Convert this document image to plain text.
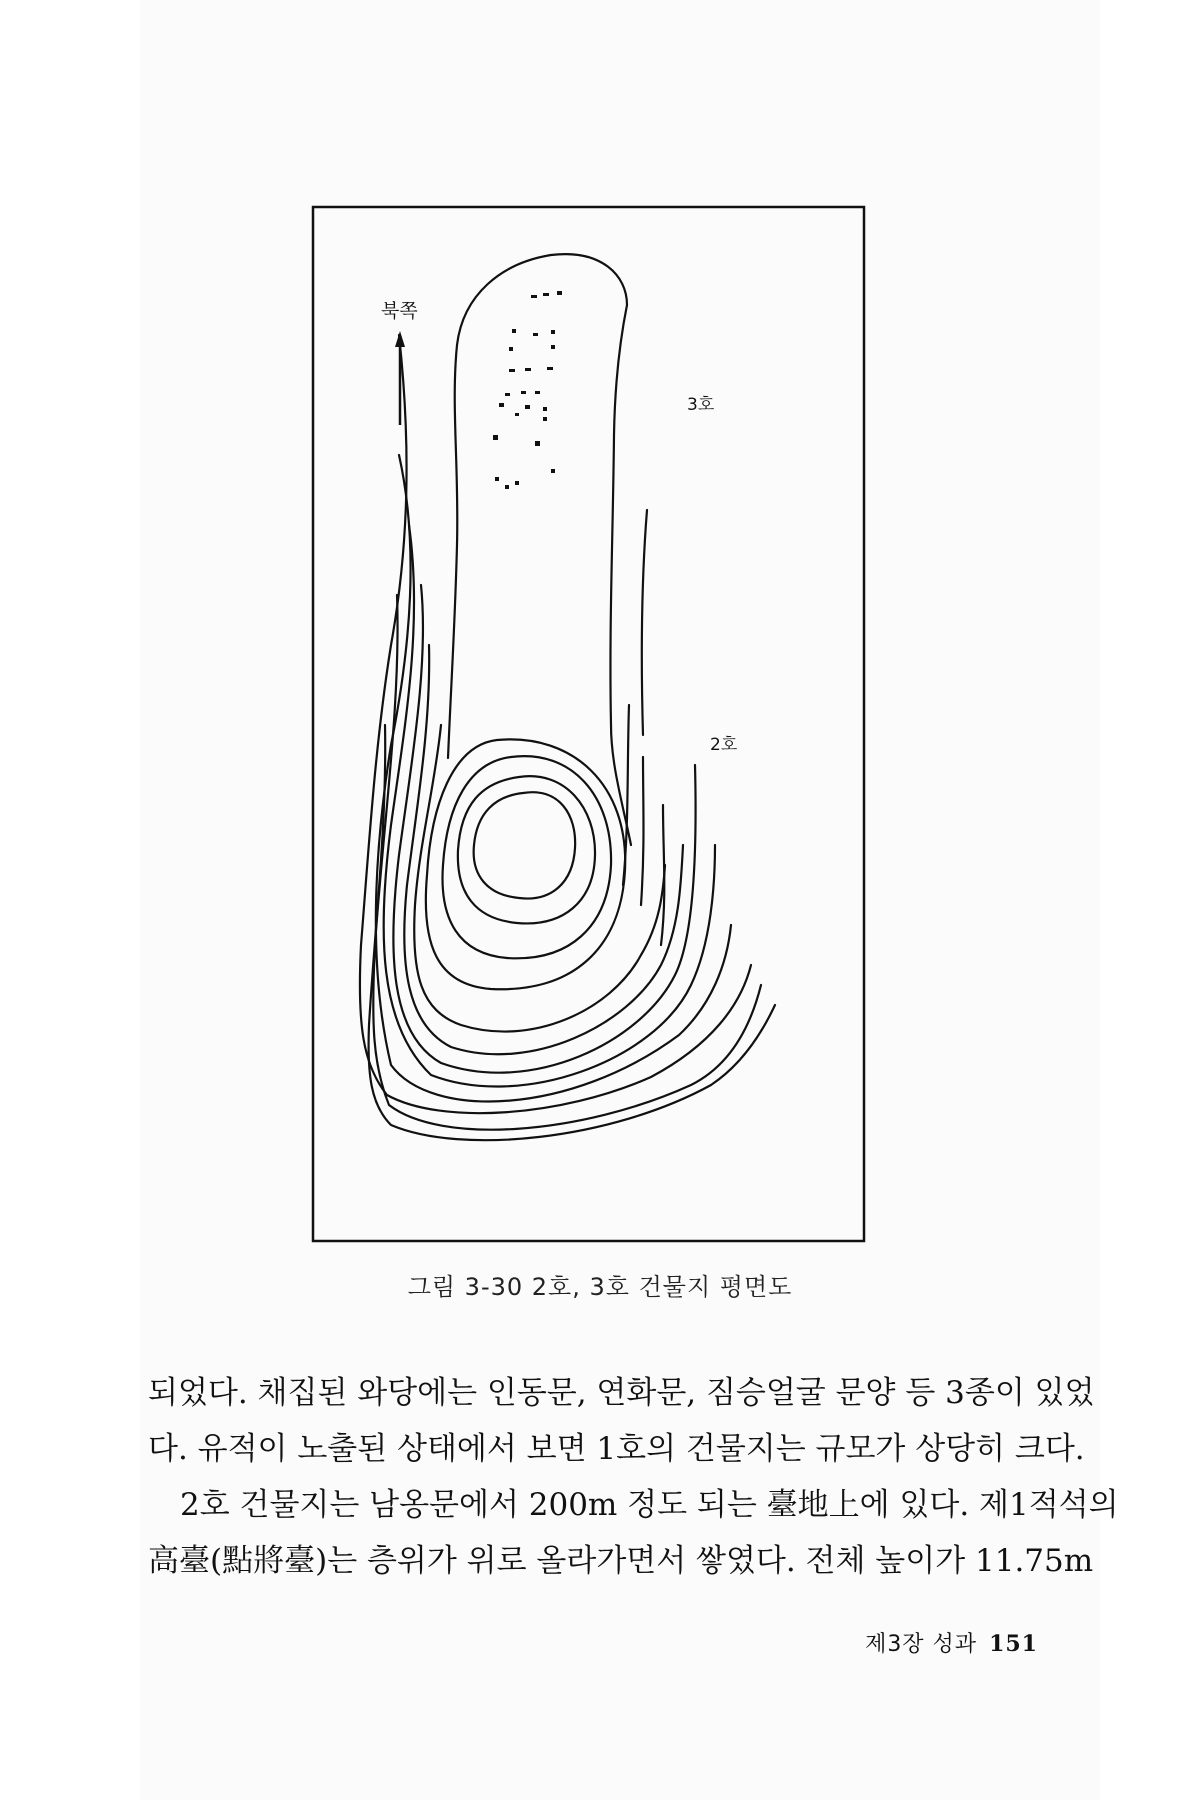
북쪽
3호
2호
그림 3-30 2호, 3호 건물지 평면도

되었다. 채집된 와당에는 인동문, 연화문, 짐승얼굴 문양 등 3종이 있었

다. 유적이 노출된 상태에서 보면 1호의 건물지는 규모가 상당히 크다.

2호 건물지는 남옹문에서 200m 정도 되는 臺地上에 있다. 제1적석의

高臺(點將臺)는 층위가 위로 올라가면서 쌓였다. 전체 높이가 11.75m

제3장 성과 151
